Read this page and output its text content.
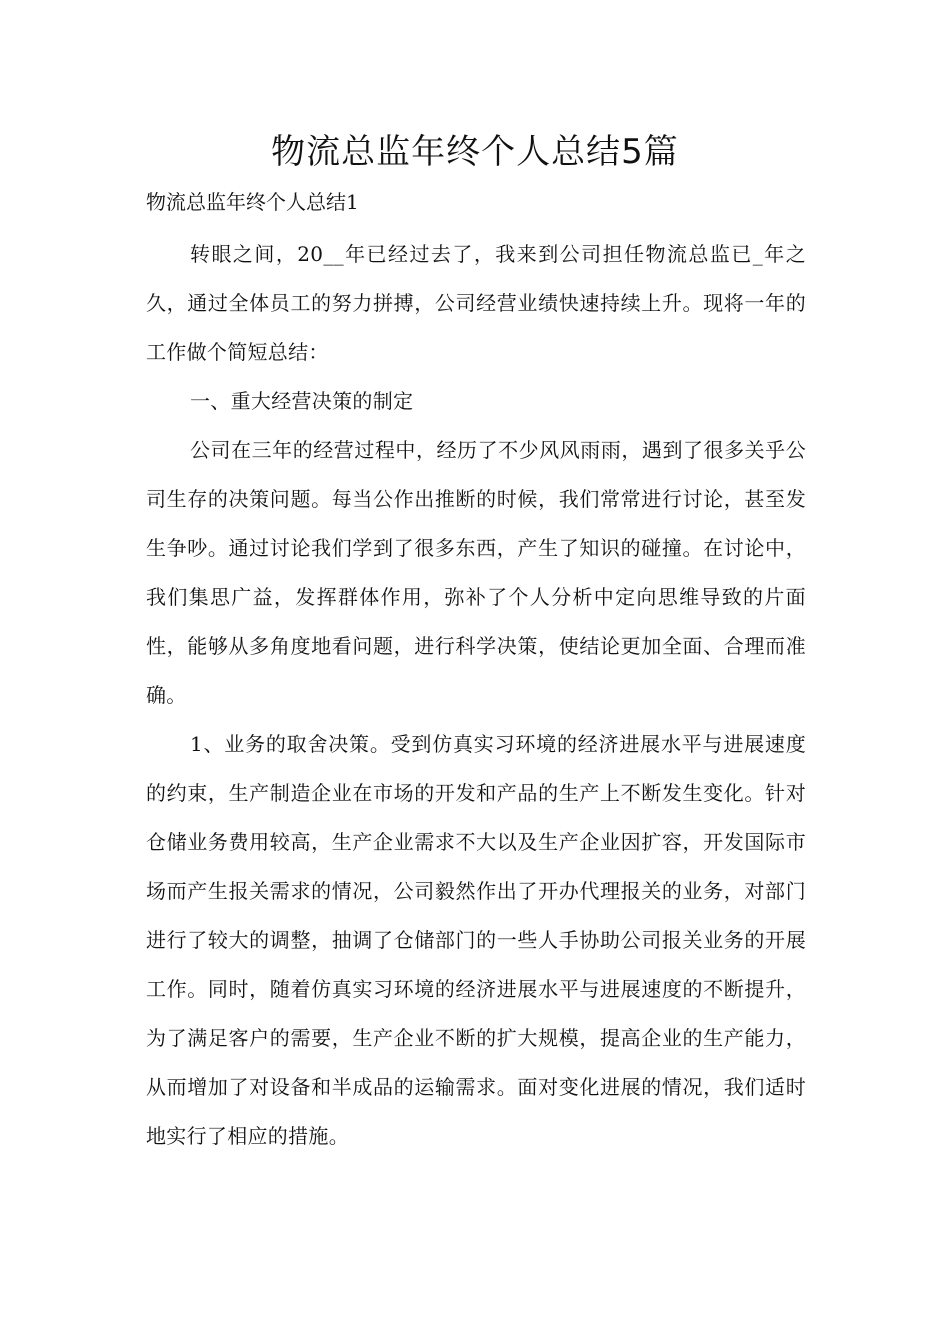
物流总监年终个人总结5篇

物流总监年终个人总结1

转眼之间，20__年已经过去了，我来到公司担任物流总监已_年之久，通过全体员工的努力拼搏，公司经营业绩快速持续上升。现将一年的工作做个简短总结：

一、重大经营决策的制定

公司在三年的经营过程中，经历了不少风风雨雨，遇到了很多关乎公司生存的决策问题。每当公作出推断的时候，我们常常进行讨论，甚至发生争吵。通过讨论我们学到了很多东西，产生了知识的碰撞。在讨论中，我们集思广益，发挥群体作用，弥补了个人分析中定向思维导致的片面性，能够从多角度地看问题，进行科学决策，使结论更加全面、合理而准确。

1、业务的取舍决策。受到仿真实习环境的经济进展水平与进展速度的约束，生产制造企业在市场的开发和产品的生产上不断发生变化。针对仓储业务费用较高，生产企业需求不大以及生产企业因扩容，开发国际市场而产生报关需求的情况，公司毅然作出了开办代理报关的业务，对部门进行了较大的调整，抽调了仓储部门的一些人手协助公司报关业务的开展工作。同时，随着仿真实习环境的经济进展水平与进展速度的不断提升，为了满足客户的需要，生产企业不断的扩大规模，提高企业的生产能力，从而增加了对设备和半成品的运输需求。面对变化进展的情况，我们适时地实行了相应的措施。
